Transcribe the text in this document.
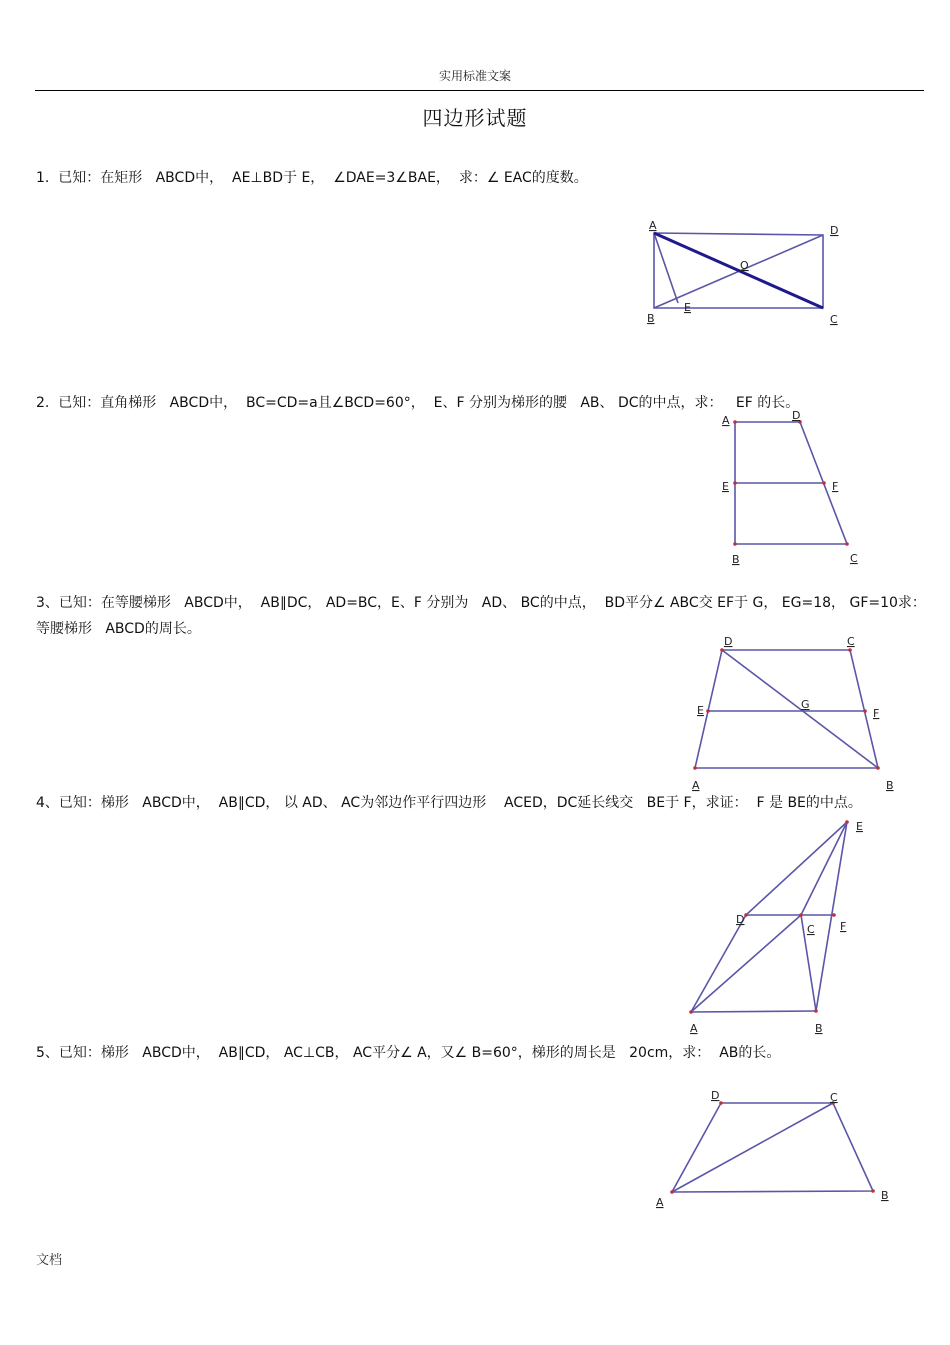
实用标准文案
四边形试题
1.  已知：在矩形   ABCD中，  AE⊥BD于 E，  ∠DAE=3∠BAE，  求：∠ EAC的度数。
A	D
O
E
B	C
2.  已知：直角梯形   ABCD中，  BC=CD=a且∠BCD=60°，  E、F 分别为梯形的腰   AB、 DC的中点，求：   EF 的长。
A	D
E	F
B	C
3、已知：在等腰梯形   ABCD中，  AB∥DC， AD=BC，E、F 分别为   AD、 BC的中点，  BD平分∠ ABC交 EF于 G， EG=18， GF=10求：
等腰梯形   ABCD的周长。
D	C
E	G
F
A	B
4、已知：梯形   ABCD中，  AB∥CD， 以 AD、 AC为邻边作平行四边形    ACED，DC延长线交   BE于 F，求证：  F 是 BE的中点。
E
D
C F
A	B
5、已知：梯形   ABCD中，  AB∥CD， AC⊥CB， AC平分∠ A，又∠ B=60°，梯形的周长是   20cm，求：  AB的长。
D	C
A
B
文档
